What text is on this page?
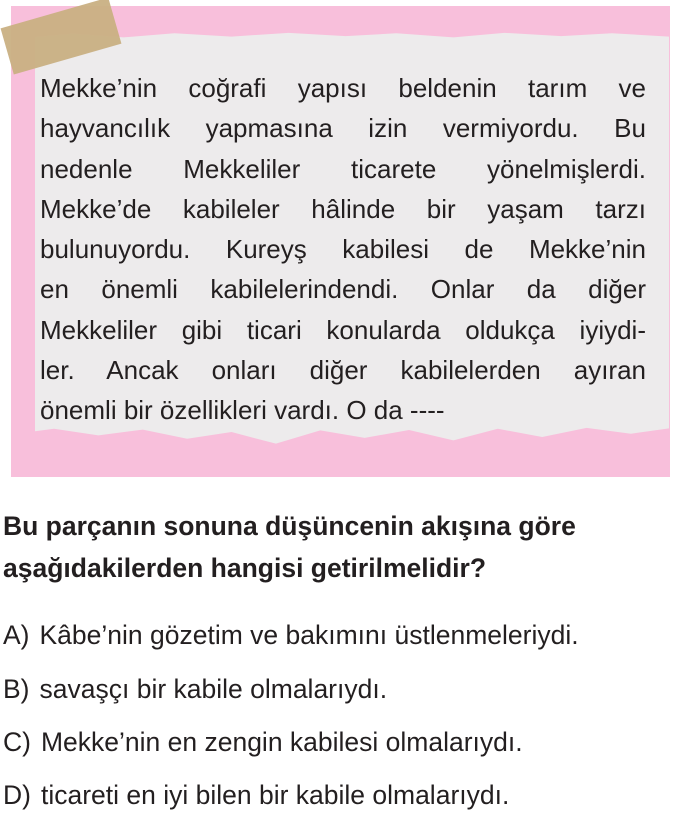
Mekke’nin coğrafi yapısı beldenin tarım ve
hayvancılık yapmasına izin vermiyordu. Bu
nedenle Mekkeliler ticarete yönelmişlerdi.
Mekke’de kabileler hâlinde bir yaşam tarzı
bulunuyordu. Kureyş kabilesi de Mekke’nin
en önemli kabilelerindendi. Onlar da diğer
Mekkeliler gibi ticari konularda oldukça iyiydi-
ler. Ancak onları diğer kabilelerden ayıran
önemli bir özellikleri vardı. O da ----
Bu parçanın sonuna düşüncenin akışına göre
aşağıdakilerden hangisi getirilmelidir?
A) Kâbe’nin gözetim ve bakımını üstlenmeleriydi.
B) savaşçı bir kabile olmalarıydı.
C) Mekke’nin en zengin kabilesi olmalarıydı.
D) ticareti en iyi bilen bir kabile olmalarıydı.
